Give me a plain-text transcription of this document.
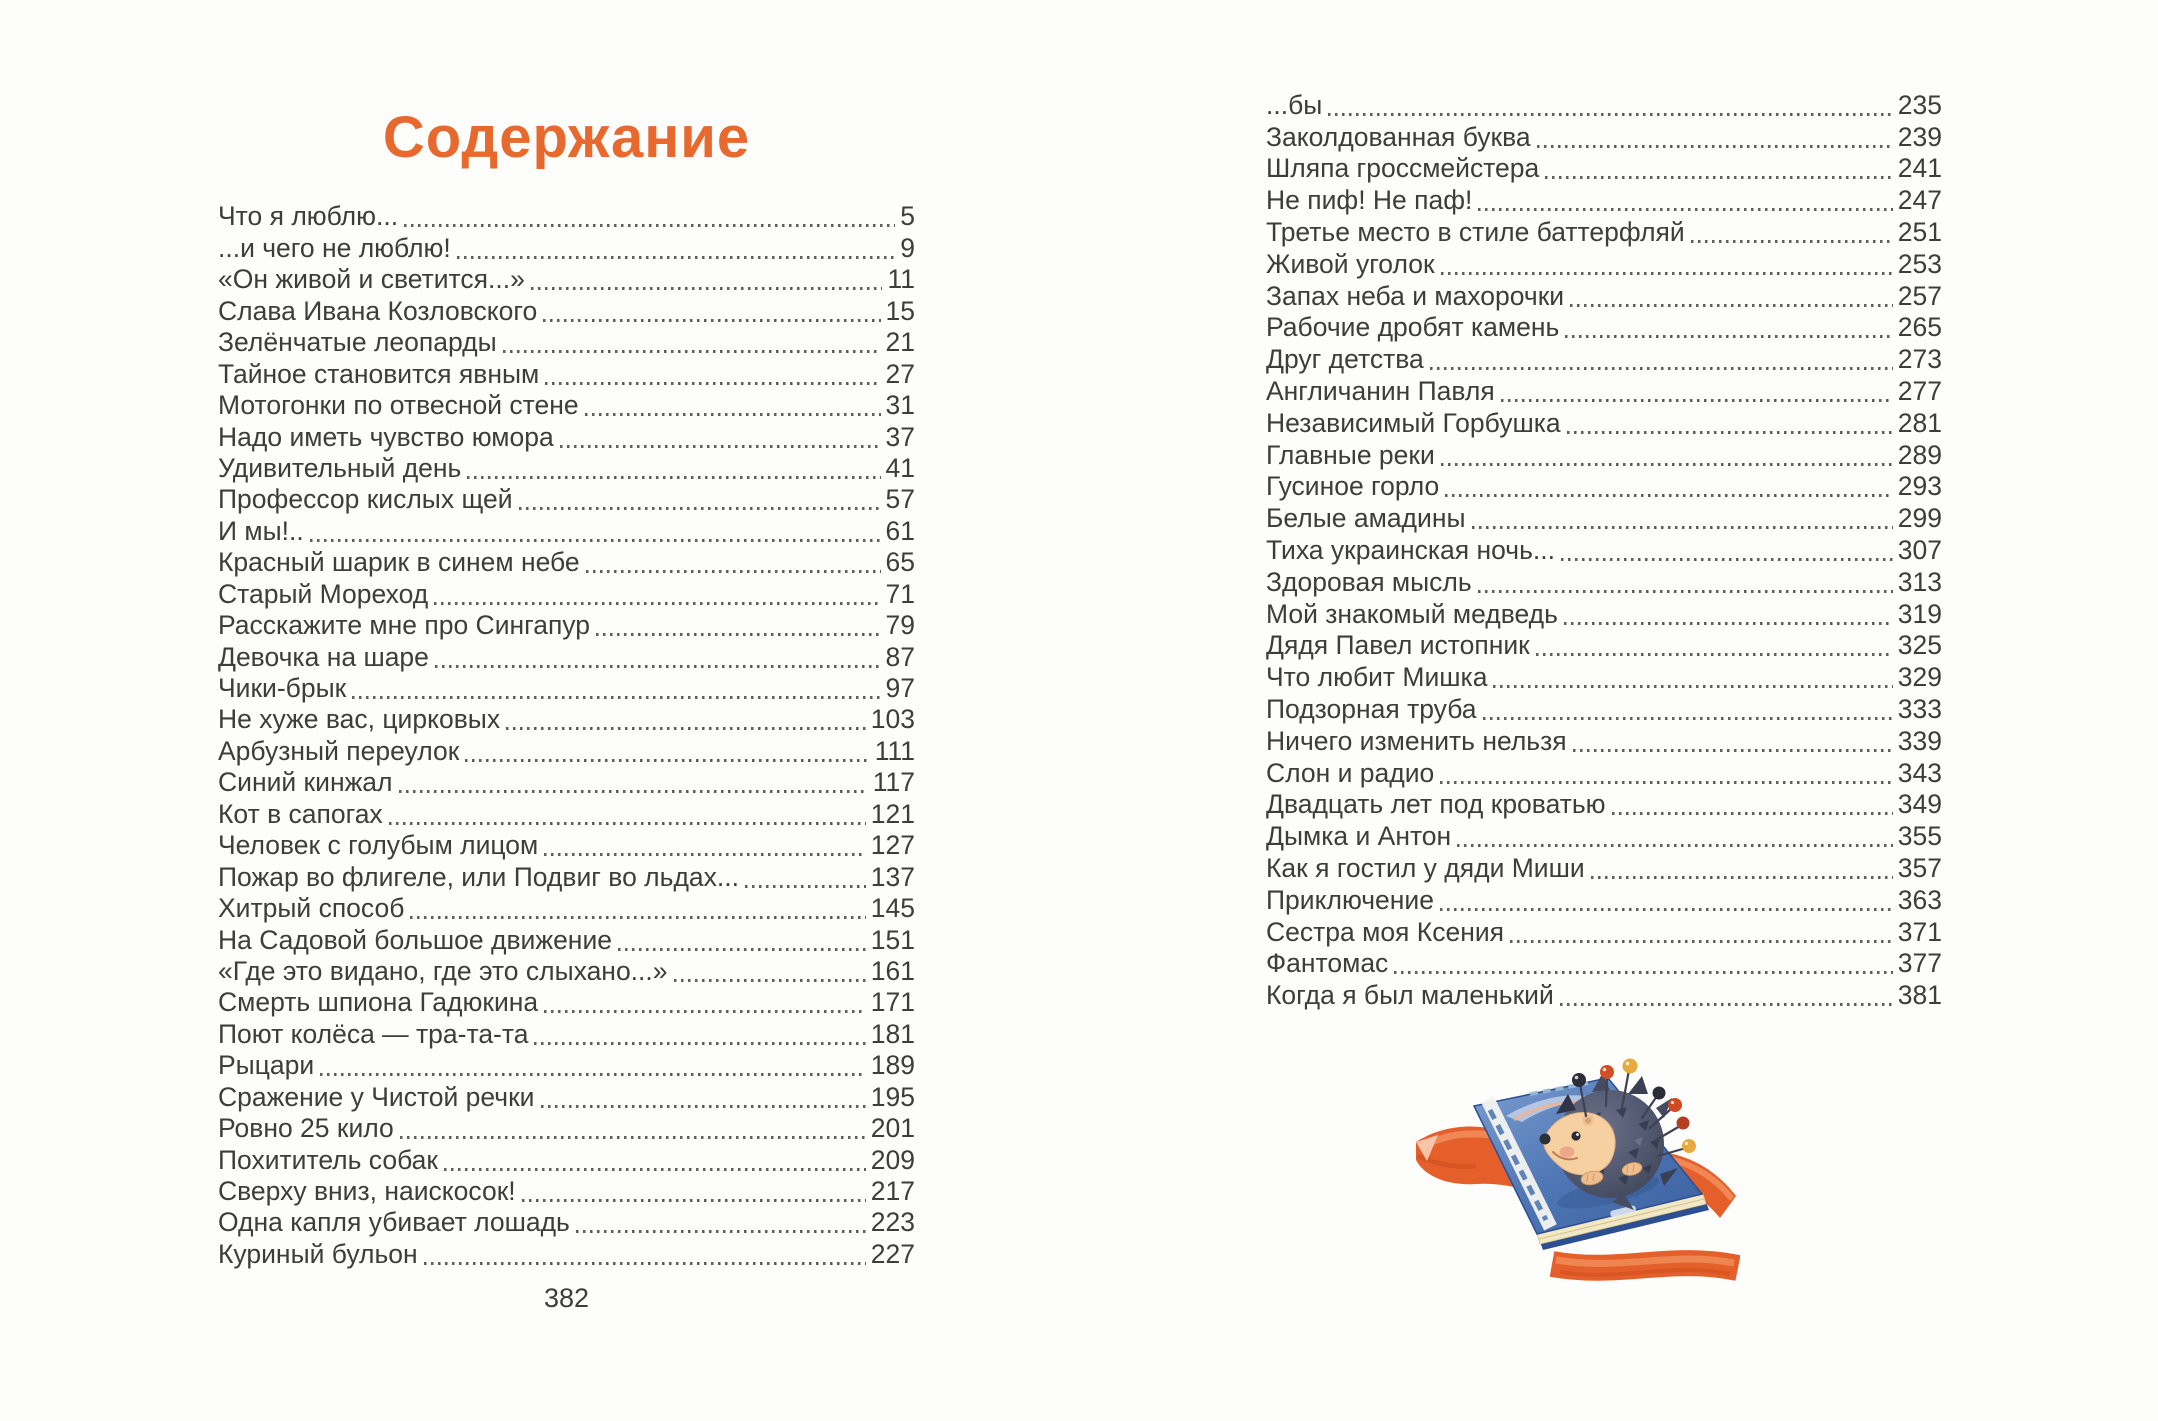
Содержание
Что я люблю...	5
...и чего не люблю!	9
«Он живой и светится...»	11
Слава Ивана Козловского	15
Зелёнчатые леопарды	21
Тайное становится явным	27
Мотогонки по отвесной стене	31
Надо иметь чувство юмора	37
Удивительный день	41
Профессор кислых щей	57
И мы!..	61
Красный шарик в синем небе	65
Старый Мореход	71
Расскажите мне про Сингапур	79
Девочка на шаре	87
Чики-брык	97
Не хуже вас, цирковых	103
Арбузный переулок	111
Синий кинжал	117
Кот в сапогах	121
Человек с голубым лицом	127
Пожар во флигеле, или Подвиг во льдах...	137
Хитрый способ	145
На Садовой большое движение	151
«Где это видано, где это слыхано...»	161
Смерть шпиона Гадюкина	171
Поют колёса — тра-та-та	181
Рыцари	189
Сражение у Чистой речки	195
Ровно 25 кило	201
Похититель собак	209
Сверху вниз, наискосок!	217
Одна капля убивает лошадь	223
Куриный бульон	227
382
...бы	235
Заколдованная буква	239
Шляпа гроссмейстера	241
Не пиф! Не паф!	247
Третье место в стиле баттерфляй	251
Живой уголок	253
Запах неба и махорочки	257
Рабочие дробят камень	265
Друг детства	273
Англичанин Павля	277
Независимый Горбушка	281
Главные реки	289
Гусиное горло	293
Белые амадины	299
Тиха украинская ночь...	307
Здоровая мысль	313
Мой знакомый медведь	319
Дядя Павел истопник	325
Что любит Мишка	329
Подзорная труба	333
Ничего изменить нельзя	339
Слон и радио	343
Двадцать лет под кроватью	349
Дымка и Антон	355
Как я гостил у дяди Миши	357
Приключение	363
Сестра моя Ксения	371
Фантомас	377
Когда я был маленький	381
